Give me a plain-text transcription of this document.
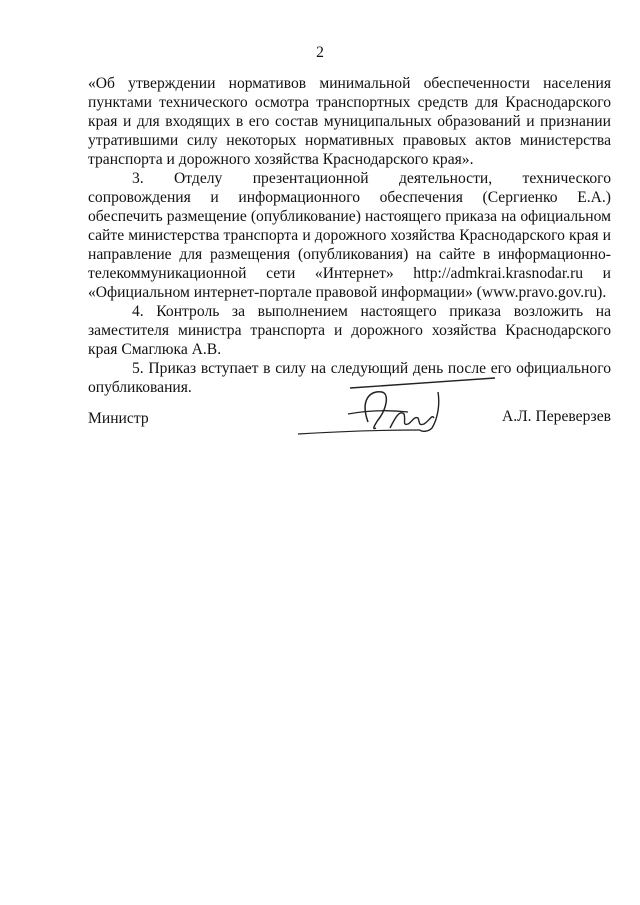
2

«Об утверждении нормативов минимальной обеспеченности населения пунктами технического осмотра транспортных средств для Краснодарского края и для входящих в его состав муниципальных образований и признании утратившими силу некоторых нормативных правовых актов министерства транспорта и дорожного хозяйства Краснодарского края».

3. Отделу презентационной деятельности, технического сопровождения и информационного обеспечения (Сергиенко Е.А.) обеспечить размещение (опубликование) настоящего приказа на официальном сайте министерства транспорта и дорожного хозяйства Краснодарского края и направление для размещения (опубликования) на сайте в информационно-телекоммуникационной сети «Интернет» http://admkrai.krasnodar.ru и «Официальном интернет-портале правовой информации» (www.pravo.gov.ru).

4. Контроль за выполнением настоящего приказа возложить на заместителя министра транспорта и дорожного хозяйства Краснодарского края Смаглюка А.В.

5. Приказ вступает в силу на следующий день после его официального опубликования.

Министр	А.Л. Переверзев
